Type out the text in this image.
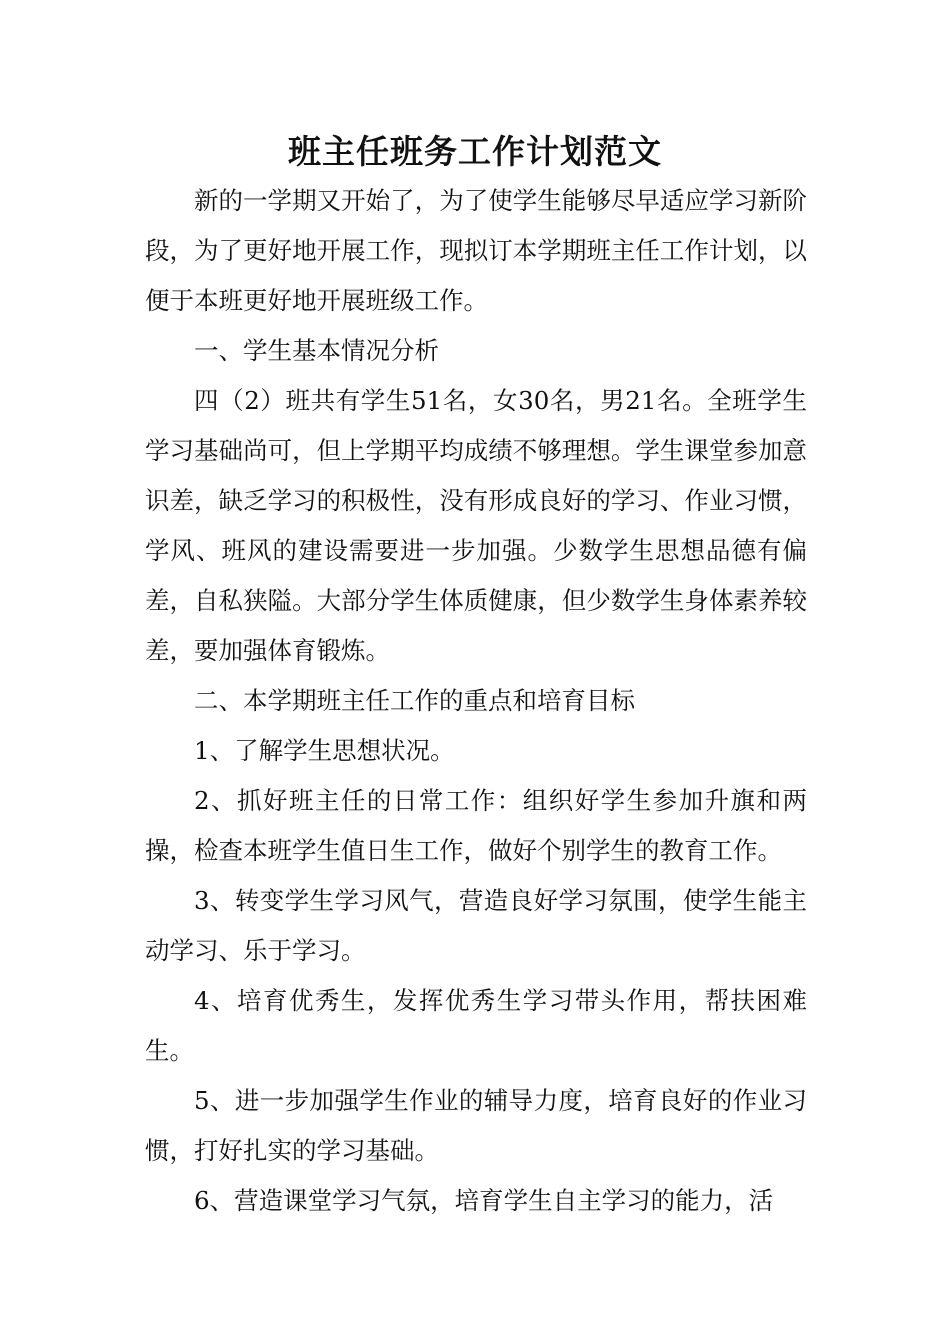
班主任班务工作计划范文

新的一学期又开始了，为了使学生能够尽早适应学习新阶段，为了更好地开展工作，现拟订本学期班主任工作计划，以便于本班更好地开展班级工作。

一、学生基本情况分析

四（2）班共有学生51名，女30名，男21名。全班学生学习基础尚可，但上学期平均成绩不够理想。学生课堂参加意识差，缺乏学习的积极性，没有形成良好的学习、作业习惯，学风、班风的建设需要进一步加强。少数学生思想品德有偏差，自私狭隘。大部分学生体质健康，但少数学生身体素养较差，要加强体育锻炼。

二、本学期班主任工作的重点和培育目标

1、了解学生思想状况。

2、抓好班主任的日常工作：组织好学生参加升旗和两操，检查本班学生值日生工作，做好个别学生的教育工作。

3、转变学生学习风气，营造良好学习氛围，使学生能主动学习、乐于学习。

4、培育优秀生，发挥优秀生学习带头作用，帮扶困难生。

5、进一步加强学生作业的辅导力度，培育良好的作业习惯，打好扎实的学习基础。

6、营造课堂学习气氛，培育学生自主学习的能力，活
